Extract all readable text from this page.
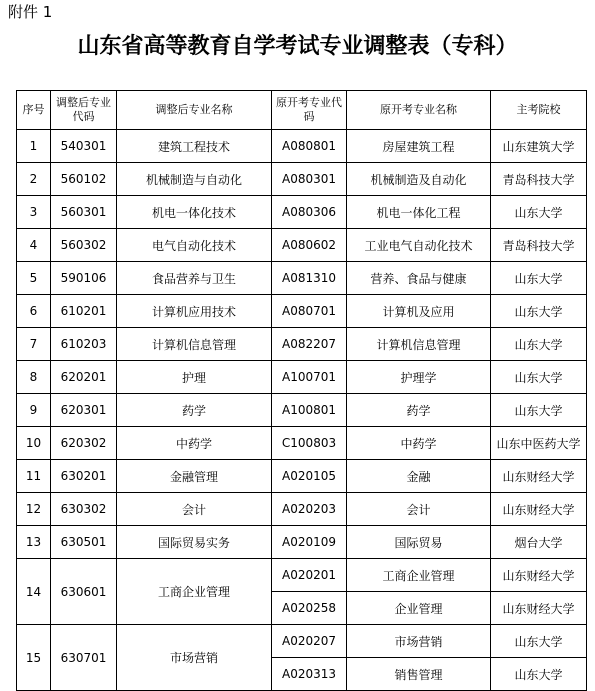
附件 1
山东省高等教育自学考试专业调整表（专科）
序号	调整后专业代码	调整后专业名称	原开考专业代码	原开考专业名称	主考院校
1	540301	建筑工程技术	A080801	房屋建筑工程	山东建筑大学
2	560102	机械制造与自动化	A080301	机械制造及自动化	青岛科技大学
3	560301	机电一体化技术	A080306	机电一体化工程	山东大学
4	560302	电气自动化技术	A080602	工业电气自动化技术	青岛科技大学
5	590106	食品营养与卫生	A081310	营养、食品与健康	山东大学
6	610201	计算机应用技术	A080701	计算机及应用	山东大学
7	610203	计算机信息管理	A082207	计算机信息管理	山东大学
8	620201	护理	A100701	护理学	山东大学
9	620301	药学	A100801	药学	山东大学
10	620302	中药学	C100803	中药学	山东中医药大学
11	630201	金融管理	A020105	金融	山东财经大学
12	630302	会计	A020203	会计	山东财经大学
13	630501	国际贸易实务	A020109	国际贸易	烟台大学
14	630601	工商企业管理	A020201	工商企业管理	山东财经大学
			A020258	企业管理	山东财经大学
15	630701	市场营销	A020207	市场营销	山东大学
			A020313	销售管理	山东大学
